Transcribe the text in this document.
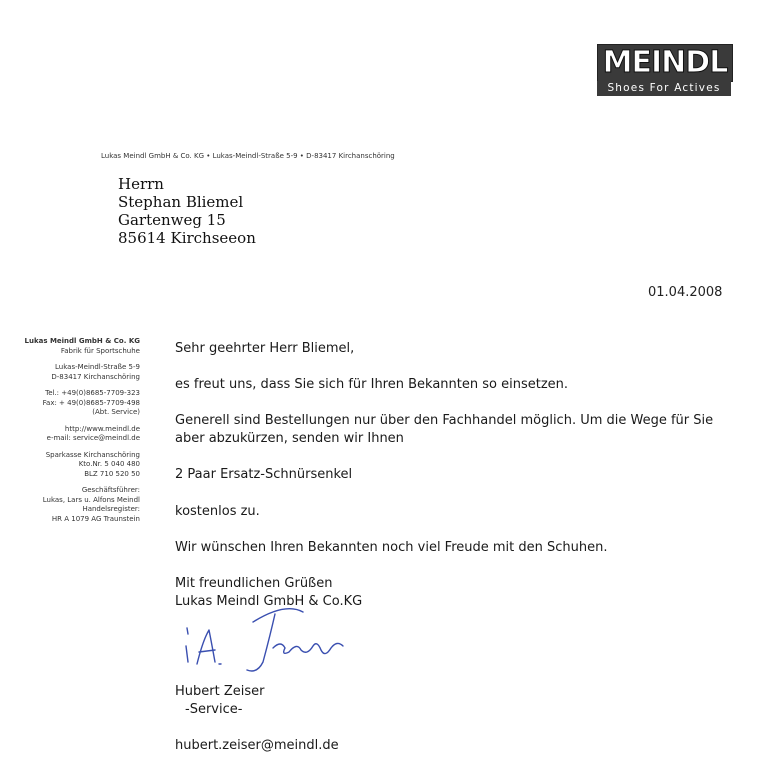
MEINDL
Shoes For Actives
Lukas Meindl GmbH & Co. KG • Lukas-Meindl-Straße 5-9 • D-83417 Kirchanschöring
Herrn
Stephan Bliemel
Gartenweg 15
85614 Kirchseeon
01.04.2008
Lukas Meindl GmbH & Co. KG
Fabrik für Sportschuhe
Lukas-Meindl-Straße 5-9
D-83417 Kirchanschöring
Tel.: +49(0)8685-7709-323
Fax: + 49(0)8685-7709-498
(Abt. Service)
http://www.meindl.de
e-mail: service@meindl.de
Sparkasse Kirchanschöring
Kto.Nr. 5 040 480
BLZ 710 520 50
Geschäftsführer:
Lukas, Lars u. Alfons Meindl
Handelsregister:
HR A 1079 AG Traunstein
Sehr geehrter Herr Bliemel,
es freut uns, dass Sie sich für Ihren Bekannten so einsetzen.
Generell sind Bestellungen nur über den Fachhandel möglich. Um die Wege für Sie
aber abzukürzen, senden wir Ihnen
2 Paar Ersatz-Schnürsenkel
kostenlos zu.
Wir wünschen Ihren Bekannten noch viel Freude mit den Schuhen.
Mit freundlichen Grüßen
Lukas Meindl GmbH & Co.KG
Hubert Zeiser
-Service-
hubert.zeiser@meindl.de
